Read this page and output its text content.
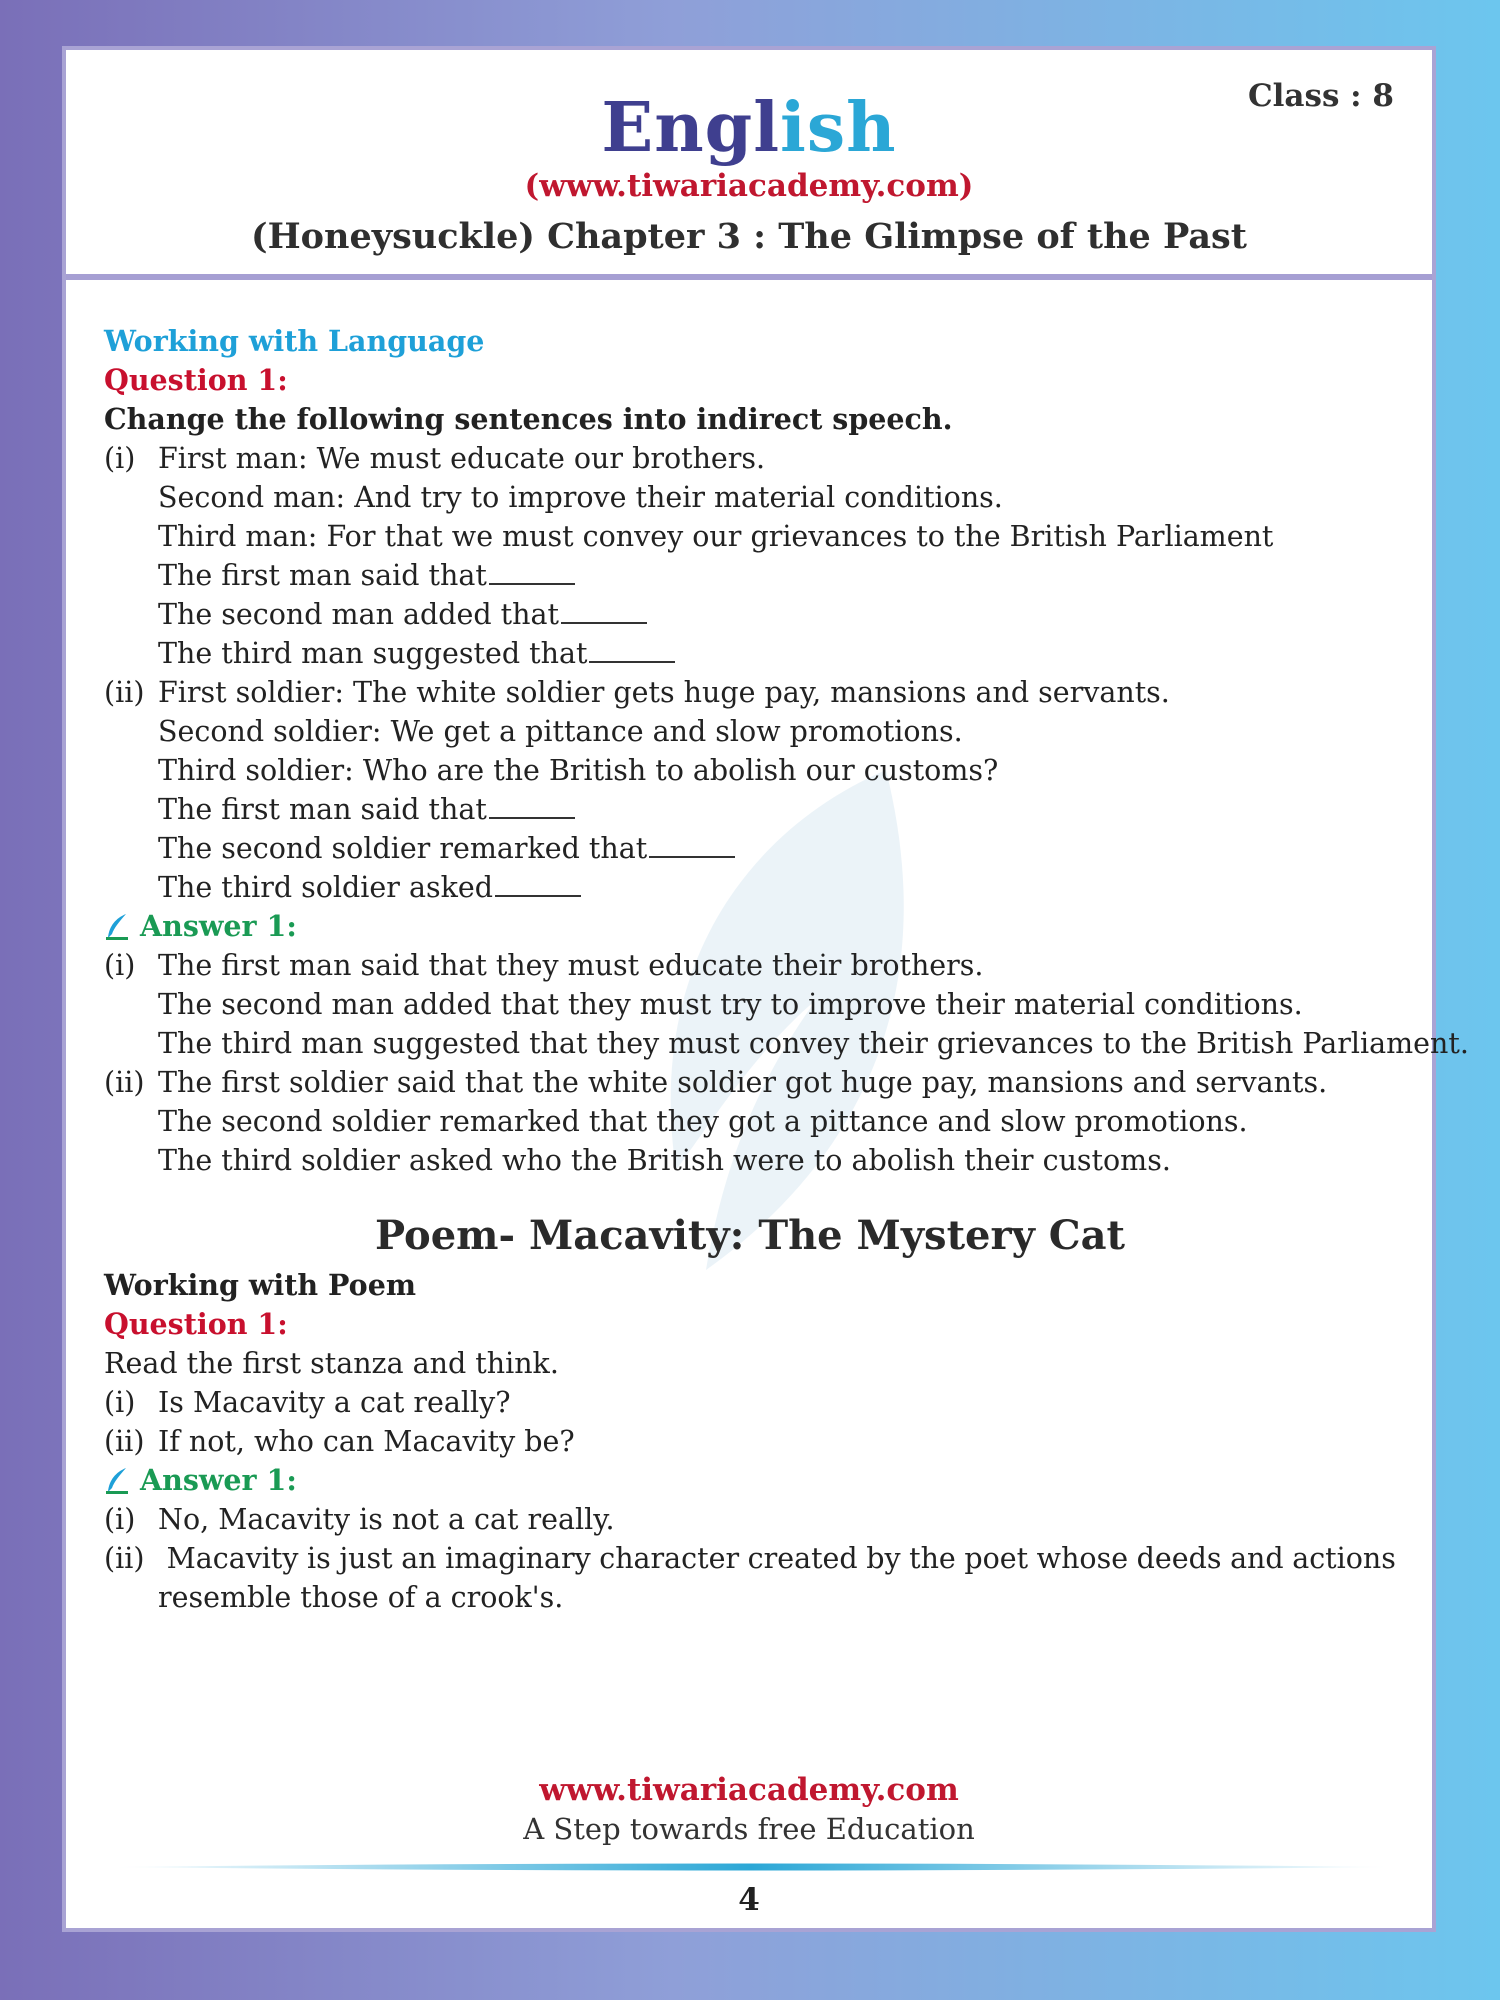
English	Class : 8
(www.tiwariacademy.com)
(Honeysuckle) Chapter 3 : The Glimpse of the Past
Working with Language
Question 1:
Change the following sentences into indirect speech.
(i) First man: We must educate our brothers.
Second man: And try to improve their material conditions.
Third man: For that we must convey our grievances to the British Parliament
The first man said that
The second man added that
The third man suggested that
(ii) First soldier: The white soldier gets huge pay, mansions and servants.
Second soldier: We get a pittance and slow promotions.
Third soldier: Who are the British to abolish our customs?
The first man said that
The second soldier remarked that
The third soldier asked
Answer 1:
(i) The first man said that they must educate their brothers.
The second man added that they must try to improve their material conditions.
The third man suggested that they must convey their grievances to the British Parliament.
(ii) The first soldier said that the white soldier got huge pay, mansions and servants.
The second soldier remarked that they got a pittance and slow promotions.
The third soldier asked who the British were to abolish their customs.
Poem- Macavity: The Mystery Cat
Working with Poem
Question 1:
Read the first stanza and think.
(i) Is Macavity a cat really?
(ii) If not, who can Macavity be?
Answer 1:
(i) No, Macavity is not a cat really.
(ii) Macavity is just an imaginary character created by the poet whose deeds and actions
resemble those of a crook's.
www.tiwariacademy.com
A Step towards free Education
4
